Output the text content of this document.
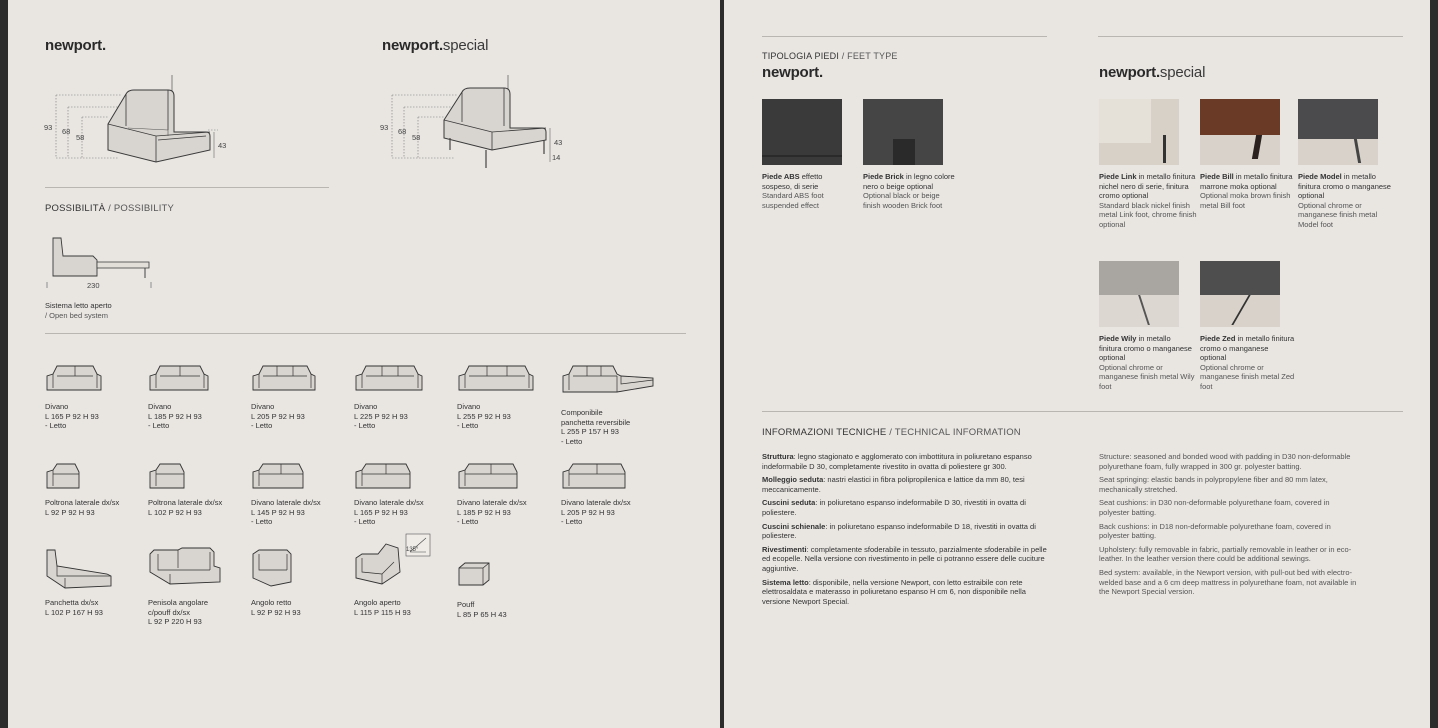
newport.	newport.special
93 68
58
43
93 68
58
43
14
POSSIBILITÀ / POSSIBILITY
230
Sistema letto aperto
/ Open bed system
Divano
L 165 P 92 H 93
- Letto
Divano
L 185 P 92 H 93
- Letto
Divano
L 205 P 92 H 93
- Letto
Divano
L 225 P 92 H 93
- Letto
Divano
L 255 P 92 H 93
- Letto
Componibile
panchetta reversibile
L 255 P 157 H 93
- Letto
Poltrona laterale dx/sx
L 92 P 92 H 93
Poltrona laterale dx/sx
L 102 P 92 H 93
Divano laterale dx/sx
L 145 P 92 H 93
- Letto
Divano laterale dx/sx
L 165 P 92 H 93
- Letto
Divano laterale dx/sx
L 185 P 92 H 93
- Letto
Divano laterale dx/sx
L 205 P 92 H 93
- Letto
Panchetta dx/sx
L 102 P 167 H 93
Penisola angolare
c/pouff dx/sx
L 92 P 220 H 93
Angolo retto
L 92 P 92 H 93
135°
Angolo aperto
L 115 P 115 H 93
Pouff
L 85 P 65 H 43
TIPOLOGIA PIEDI / FEET TYPE
newport.	newport.special
Piede ABS effetto sospeso, di serie
Standard ABS foot suspended effect
Piede Brick in legno colore nero o beige optional
Optional black or beige finish wooden Brick foot
Piede Link in metallo finitura nichel nero di serie, finitura cromo optional
Standard black nickel finish metal Link foot, chrome finish optional
Piede Bill in metallo finitura marrone moka optional
Optional moka brown finish metal Bill foot
Piede Model in metallo finitura cromo o manganese optional
Optional chrome or manganese finish metal Model foot
Piede Wily in metallo finitura cromo o manganese optional
Optional chrome or manganese finish metal Wily foot
Piede Zed in metallo finitura cromo o manganese optional
Optional chrome or manganese finish metal Zed foot
INFORMAZIONI TECNICHE / TECHNICAL INFORMATION

Struttura: legno stagionato e agglomerato con imbottitura in poliuretano espanso indeformabile D 30, completamente rivestito in ovatta di poliestere gr 300.

Molleggio seduta: nastri elastici in fibra polipropilenica e lattice da mm 80, tesi meccanicamente.

Cuscini seduta: in poliuretano espanso indeformabile D 30, rivestiti in ovatta di poliestere.

Cuscini schienale: in poliuretano espanso indeformabile D 18, rivestiti in ovatta di poliestere.

Rivestimenti: completamente sfoderabile in tessuto, parzialmente sfoderabile in pelle ed ecopelle. Nella versione con rivestimento in pelle ci potranno essere delle cuciture aggiuntive.

Sistema letto: disponibile, nella versione Newport, con letto estraibile con rete elettrosaldata e materasso in poliuretano espanso H cm 6, non disponibile nella versione Newport Special.

Structure: seasoned and bonded wood with padding in D30 non-deformable polyurethane foam, fully wrapped in 300 gr. polyester batting.

Seat springing: elastic bands in polypropylene fiber and 80 mm latex, mechanically stretched.

Seat cushions: in D30 non-deformable polyurethane foam, covered in polyester batting.

Back cushions: in D18 non-deformable polyurethane foam, covered in polyester batting.

Upholstery: fully removable in fabric, partially removable in leather or in eco-leather. In the leather version there could be additional sewings.

Bed system: available, in the Newport version, with pull-out bed with electro-welded base and a 6 cm deep mattress in polyurethane foam, not available in the Newport Special version.
